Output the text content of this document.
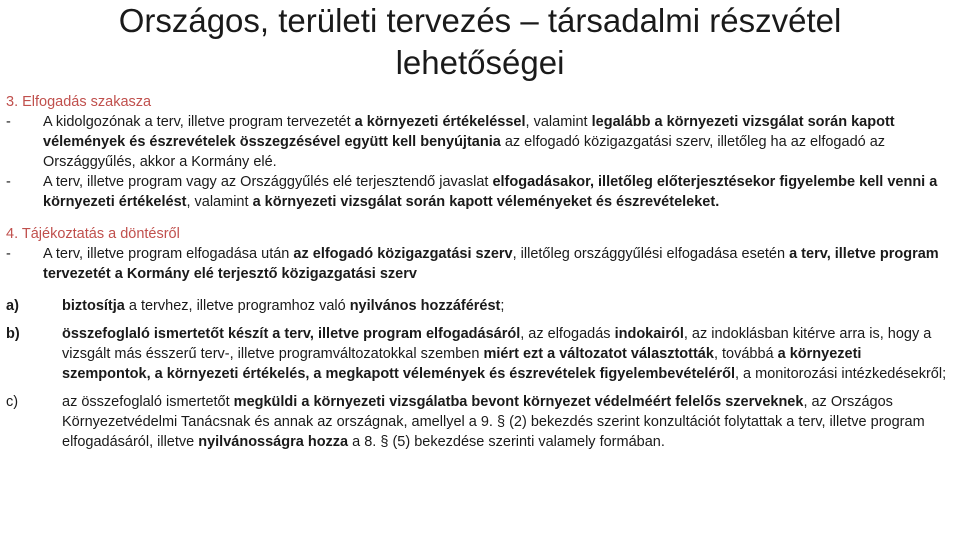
Országos, területi tervezés – társadalmi részvétel
lehetőségei

3. Elfogadás szakasza

- A kidolgozónak a terv, illetve program tervezetét a környezeti értékeléssel, valamint legalább a környezeti vizsgálat során kapott vélemények és észrevételek összegzésével együtt kell benyújtania az elfogadó közigazgatási szerv, illetőleg ha az elfogadó az Országgyűlés, akkor a Kormány elé.

- A terv, illetve program vagy az Országgyűlés elé terjesztendő javaslat elfogadásakor, illetőleg előterjesztésekor figyelembe kell venni a környezeti értékelést, valamint a környezeti vizsgálat során kapott véleményeket és észrevételeket.

4. Tájékoztatás a döntésről

- A terv, illetve program elfogadása után az elfogadó közigazgatási szerv, illetőleg országgyűlési elfogadása esetén a terv, illetve program tervezetét a Kormány elé terjesztő közigazgatási szerv

a)	biztosítja a tervhez, illetve programhoz való nyilvános hozzáférést;

b)	összefoglaló ismertetőt készít a terv, illetve program elfogadásáról, az elfogadás indokairól, az indoklásban kitérve arra is, hogy a vizsgált más ésszerű terv-, illetve programváltozatokkal szemben miért ezt a változatot választották, továbbá a környezeti szempontok, a környezeti értékelés, a megkapott vélemények és észrevételek figyelembevételéről, a monitorozási intézkedésekről;

c)	az összefoglaló ismertetőt megküldi a környezeti vizsgálatba bevont környezet védelméért felelős szerveknek, az Országos Környezetvédelmi Tanácsnak és annak az országnak, amellyel a 9. § (2) bekezdés szerint konzultációt folytattak a terv, illetve program elfogadásáról, illetve nyilvánosságra hozza a 8. § (5) bekezdése szerinti valamely formában.
